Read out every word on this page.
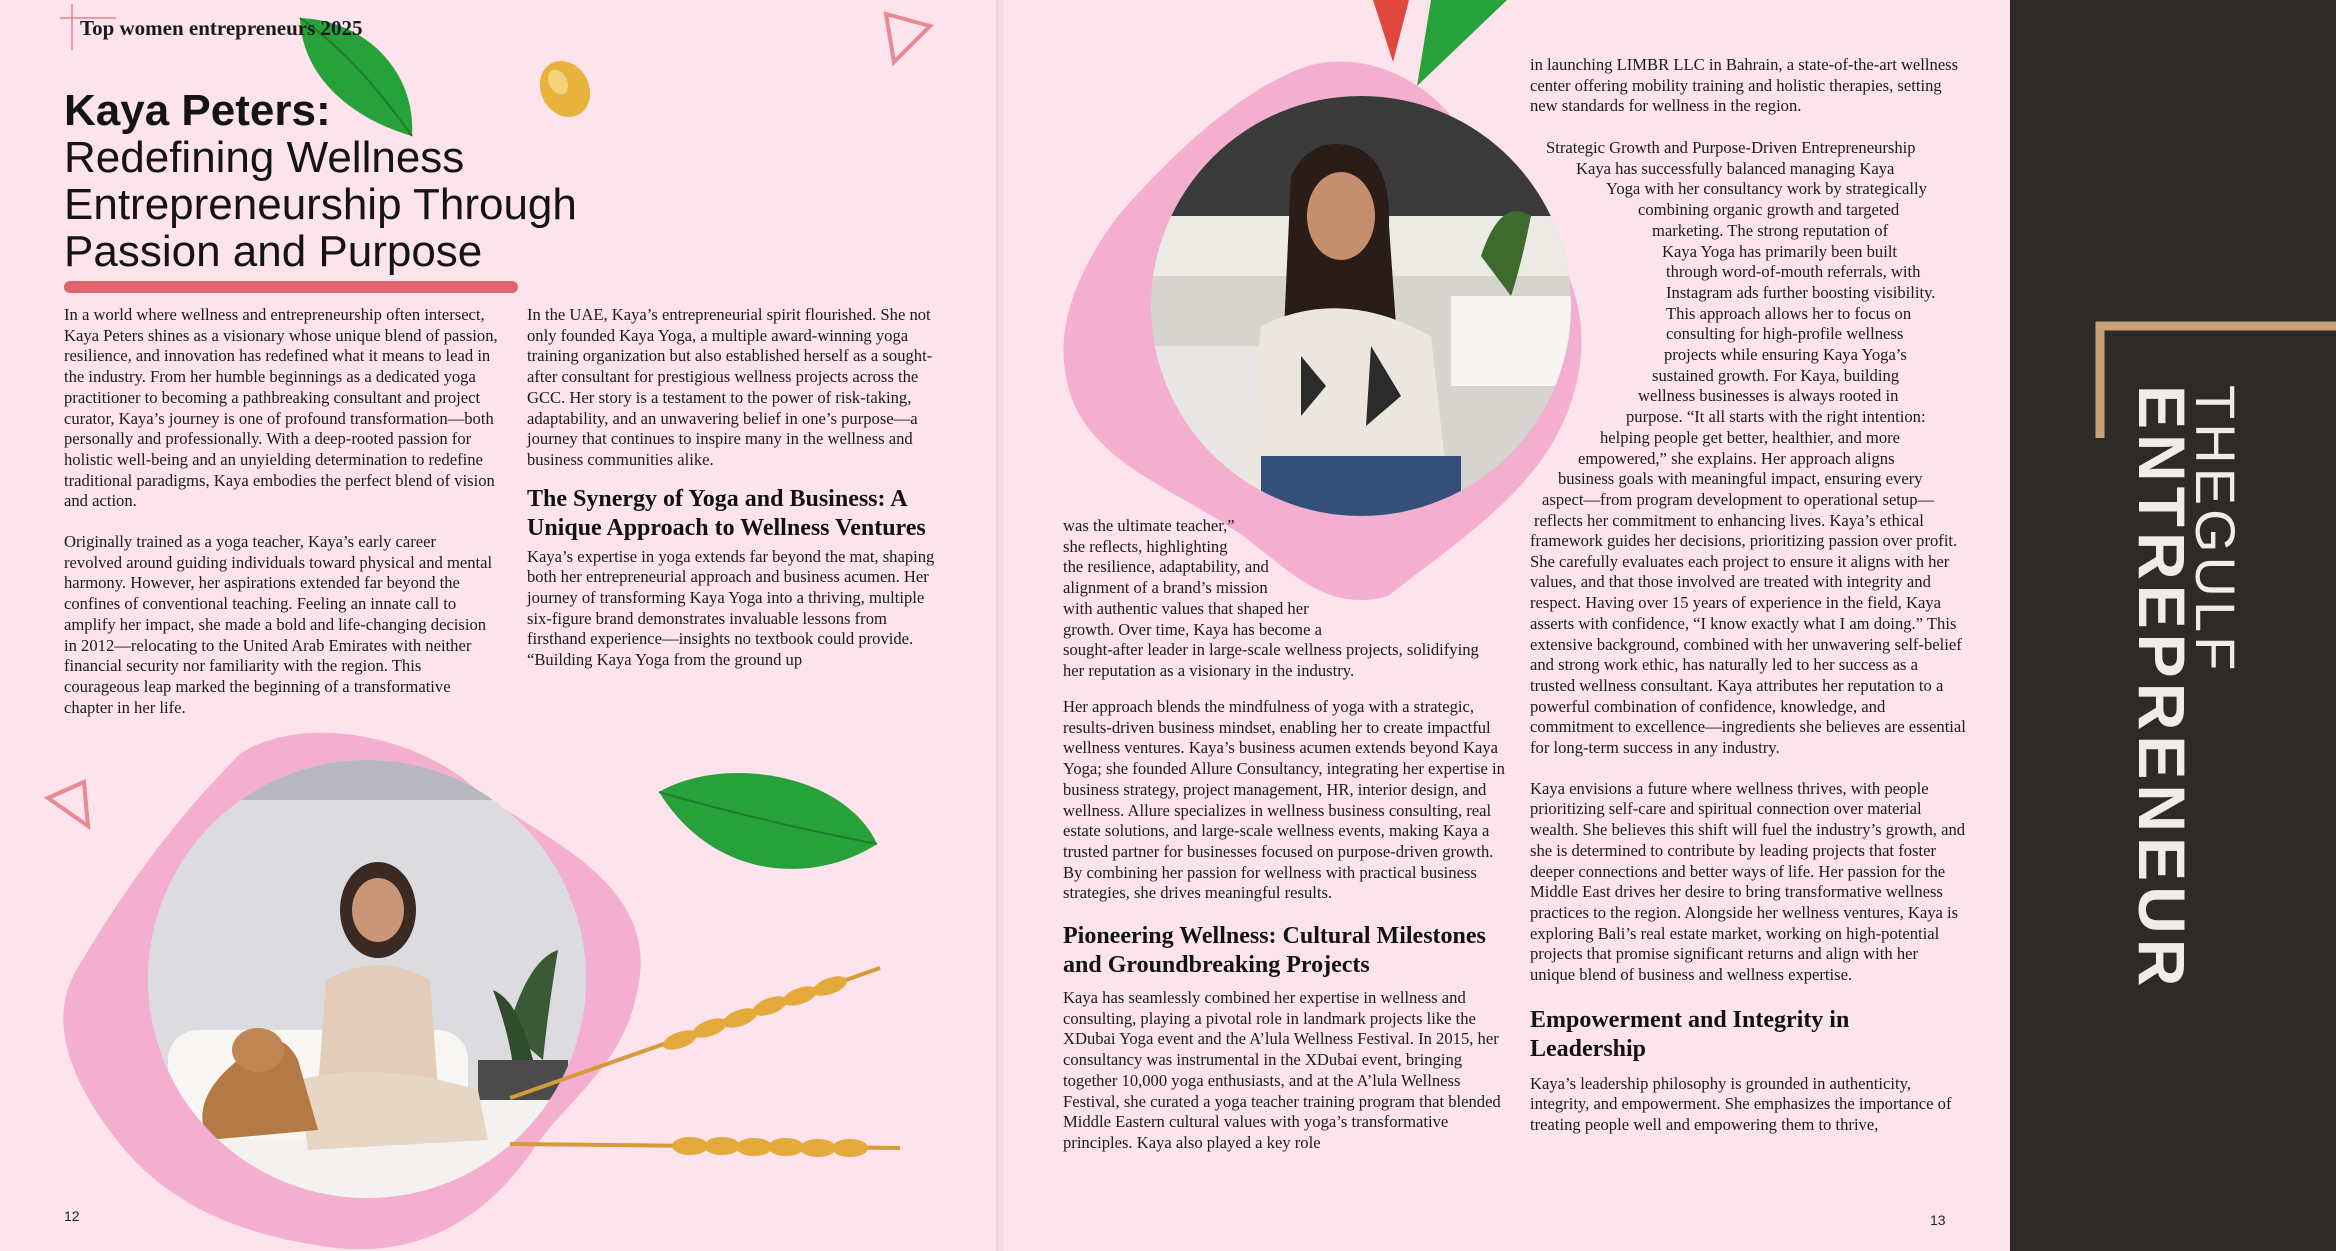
Top women entrepreneurs 2025
Kaya Peters:
Redefining Wellness
Entrepreneurship Through
Passion and Purpose

In a world where wellness and entrepreneurship often intersect, Kaya Peters shines as a visionary whose unique blend of passion, resilience, and innovation has redefined what it means to lead in the industry. From her humble beginnings as a dedicated yoga practitioner to becoming a pathbreaking consultant and project curator, Kaya’s journey is one of profound transformation—both personally and professionally. With a deep-rooted passion for holistic well-being and an unyielding determination to redefine traditional paradigms, Kaya embodies the perfect blend of vision and action.

Originally trained as a yoga teacher, Kaya’s early career revolved around guiding individuals toward physical and mental harmony. However, her aspirations extended far beyond the confines of conventional teaching. Feeling an innate call to amplify her impact, she made a bold and life-changing decision in 2012—relocating to the United Arab Emirates with neither financial security nor familiarity with the region. This courageous leap marked the beginning of a transformative chapter in her life.

In the UAE, Kaya’s entrepreneurial spirit flourished. She not only founded Kaya Yoga, a multiple award-winning yoga training organization but also established herself as a sought-after consultant for prestigious wellness projects across the GCC. Her story is a testament to the power of risk-taking, adaptability, and an unwavering belief in one’s purpose—a journey that continues to inspire many in the wellness and business communities alike.

The Synergy of Yoga and Business: A Unique Approach to Wellness Ventures

Kaya’s expertise in yoga extends far beyond the mat, shaping both her entrepreneurial approach and business acumen. Her journey of transforming Kaya Yoga into a thriving, multiple six-figure brand demonstrates invaluable lessons from firsthand experience—insights no textbook could provide. “Building Kaya Yoga from the ground up

12

in launching LIMBR LLC in Bahrain, a state-of-the-art wellness center offering mobility training and holistic therapies, setting new standards for wellness in the region.

Strategic Growth and Purpose-Driven Entrepreneurship
Kaya has successfully balanced managing Kaya
Yoga with her consultancy work by strategically
combining organic growth and targeted
marketing. The strong reputation of
Kaya Yoga has primarily been built
through word-of-mouth referrals, with
Instagram ads further boosting visibility.
This approach allows her to focus on
consulting for high-profile wellness
projects while ensuring Kaya Yoga’s
sustained growth. For Kaya, building
wellness businesses is always rooted in
purpose. “It all starts with the right intention:
helping people get better, healthier, and more
empowered,” she explains. Her approach aligns
business goals with meaningful impact, ensuring every
aspect—from program development to operational setup—
reflects her commitment to enhancing lives. Kaya’s ethical

framework guides her decisions, prioritizing passion over profit. She carefully evaluates each project to ensure it aligns with her values, and that those involved are treated with integrity and respect. Having over 15 years of experience in the field, Kaya asserts with confidence, “I know exactly what I am doing.” This extensive background, combined with her unwavering self-belief and strong work ethic, has naturally led to her success as a trusted wellness consultant. Kaya attributes her reputation to a powerful combination of confidence, knowledge, and commitment to excellence—ingredients she believes are essential for long-term success in any industry.

Kaya envisions a future where wellness thrives, with people prioritizing self-care and spiritual connection over material wealth. She believes this shift will fuel the industry’s growth, and she is determined to contribute by leading projects that foster deeper connections and better ways of life. Her passion for the Middle East drives her desire to bring transformative wellness practices to the region. Alongside her wellness ventures, Kaya is exploring Bali’s real estate market, working on high-potential projects that promise significant returns and align with her unique blend of business and wellness expertise.

Empowerment and Integrity in Leadership

Kaya’s leadership philosophy is grounded in authenticity, integrity, and empowerment. She emphasizes the importance of treating people well and empowering them to thrive,

was the ultimate teacher,”
she reflects, highlighting
the resilience, adaptability, and
alignment of a brand’s mission
with authentic values that shaped her
growth. Over time, Kaya has become a
sought-after leader in large-scale wellness projects, solidifying
her reputation as a visionary in the industry.

Her approach blends the mindfulness of yoga with a strategic, results-driven business mindset, enabling her to create impactful wellness ventures. Kaya’s business acumen extends beyond Kaya Yoga; she founded Allure Consultancy, integrating her expertise in business strategy, project management, HR, interior design, and wellness. Allure specializes in wellness business consulting, real estate solutions, and large-scale wellness events, making Kaya a trusted partner for businesses focused on purpose-driven growth. By combining her passion for wellness with practical business strategies, she drives meaningful results.

Pioneering Wellness: Cultural Milestones and Groundbreaking Projects

Kaya has seamlessly combined her expertise in wellness and consulting, playing a pivotal role in landmark projects like the XDubai Yoga event and the A’lula Wellness Festival. In 2015, her consultancy was instrumental in the XDubai event, bringing together 10,000 yoga enthusiasts, and at the A’lula Wellness Festival, she curated a yoga teacher training program that blended Middle Eastern cultural values with yoga’s transformative principles. Kaya also played a key role

13
THEGULF
ENTREPRENEUR
